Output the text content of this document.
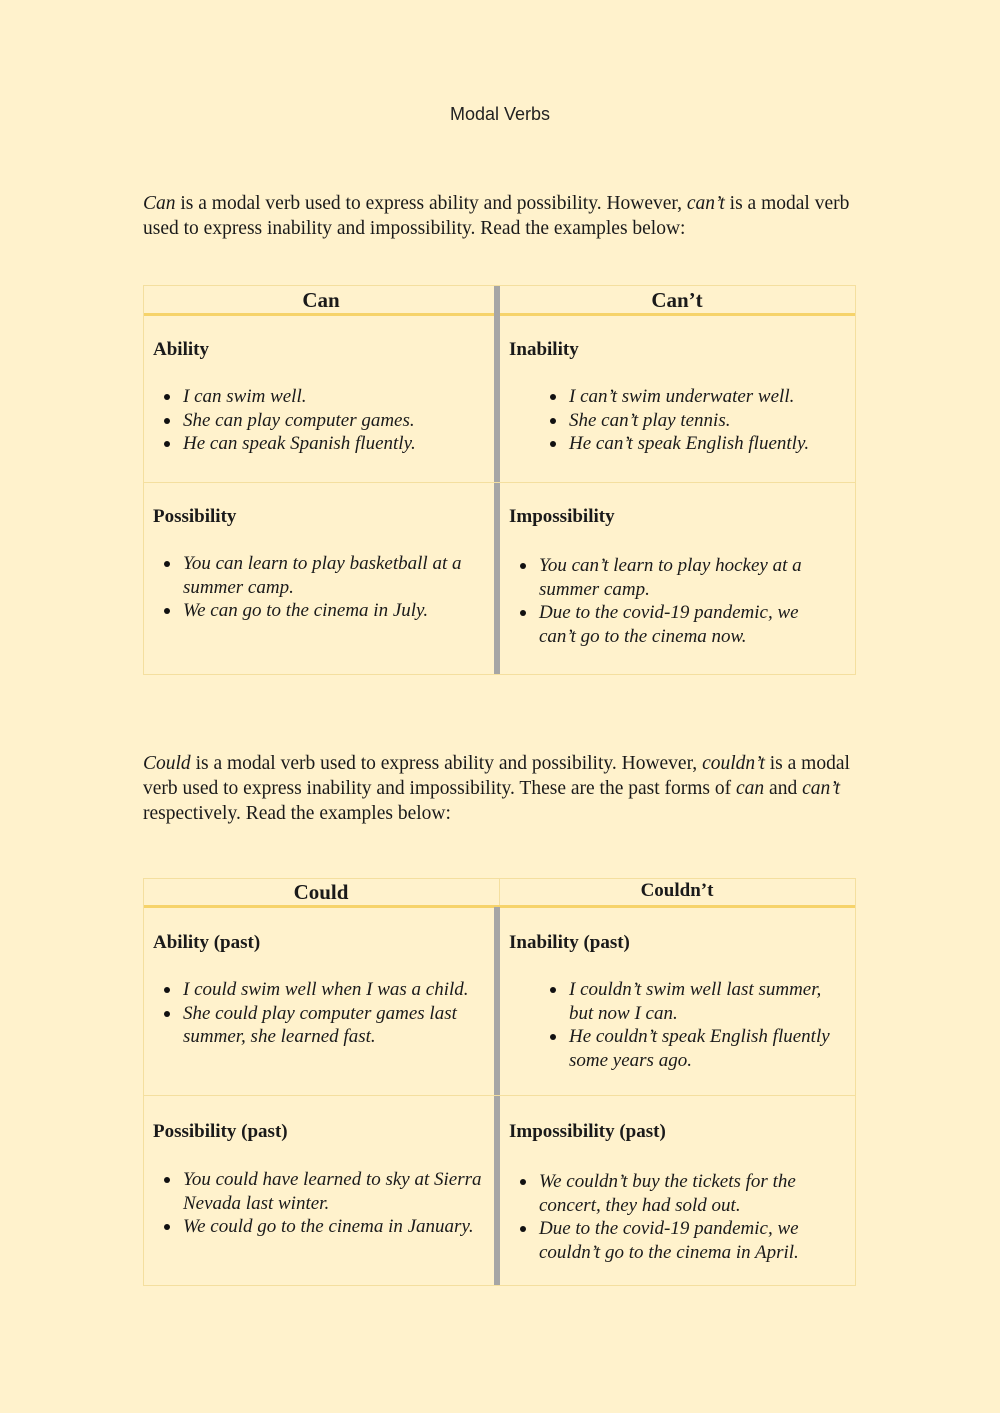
Modal Verbs
Can is a modal verb used to express ability and possibility. However, can’t is a modal verb used to express inability and impossibility. Read the examples below:
Can	Can’t
Ability
I can swim well.
She can play computer games.
He can speak Spanish fluently.
Inability
I can’t swim underwater well.
She can’t play tennis.
He can’t speak English fluently.
Possibility
You can learn to play basketball at a summer camp.
We can go to the cinema in July.
Impossibility
You can’t learn to play hockey at a summer camp.
Due to the covid-19 pandemic, we can’t go to the cinema now.
Could is a modal verb used to express ability and possibility. However, couldn’t is a modal verb used to express inability and impossibility. These are the past forms of can and can’t respectively. Read the examples below:
Could	Couldn’t
Ability (past)
I could swim well when I was a child.
She could play computer games last summer, she learned fast.
Inability (past)
I couldn’t swim well last summer, but now I can.
He couldn’t speak English fluently some years ago.
Possibility (past)
You could have learned to sky at Sierra Nevada last winter.
We could go to the cinema in January.
Impossibility (past)
We couldn’t buy the tickets for the concert, they had sold out.
Due to the covid-19 pandemic, we couldn’t go to the cinema in April.
